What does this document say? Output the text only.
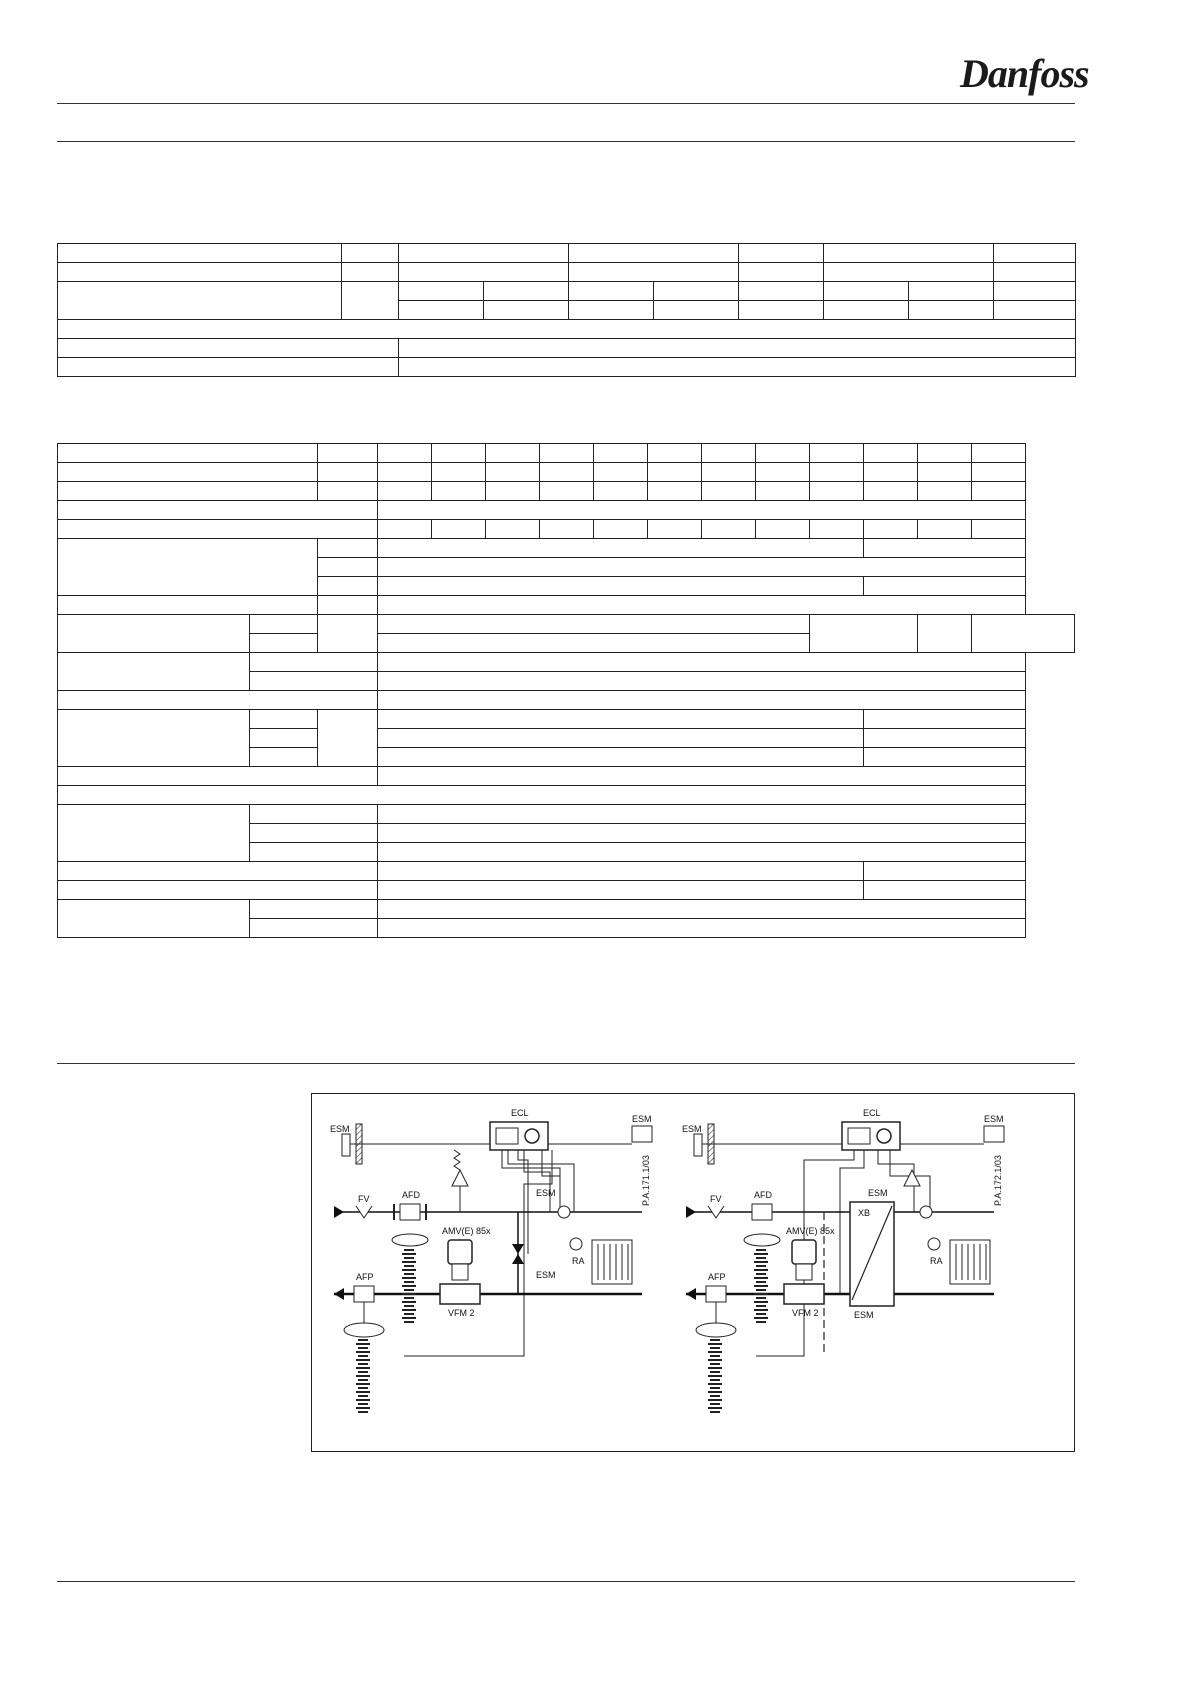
Danfoss

ESM
ECL
ESM
P.A.171.1/03
FV	AFD
AMV(E) 85x
VFM 2
AFP
ESM
RA
ESM
ESM
ECL
ESM
P.A.172.1/03
FV	AFD
AMV(E) 85x
VFM 2
AFP
XB
ESM
ESM
RA
